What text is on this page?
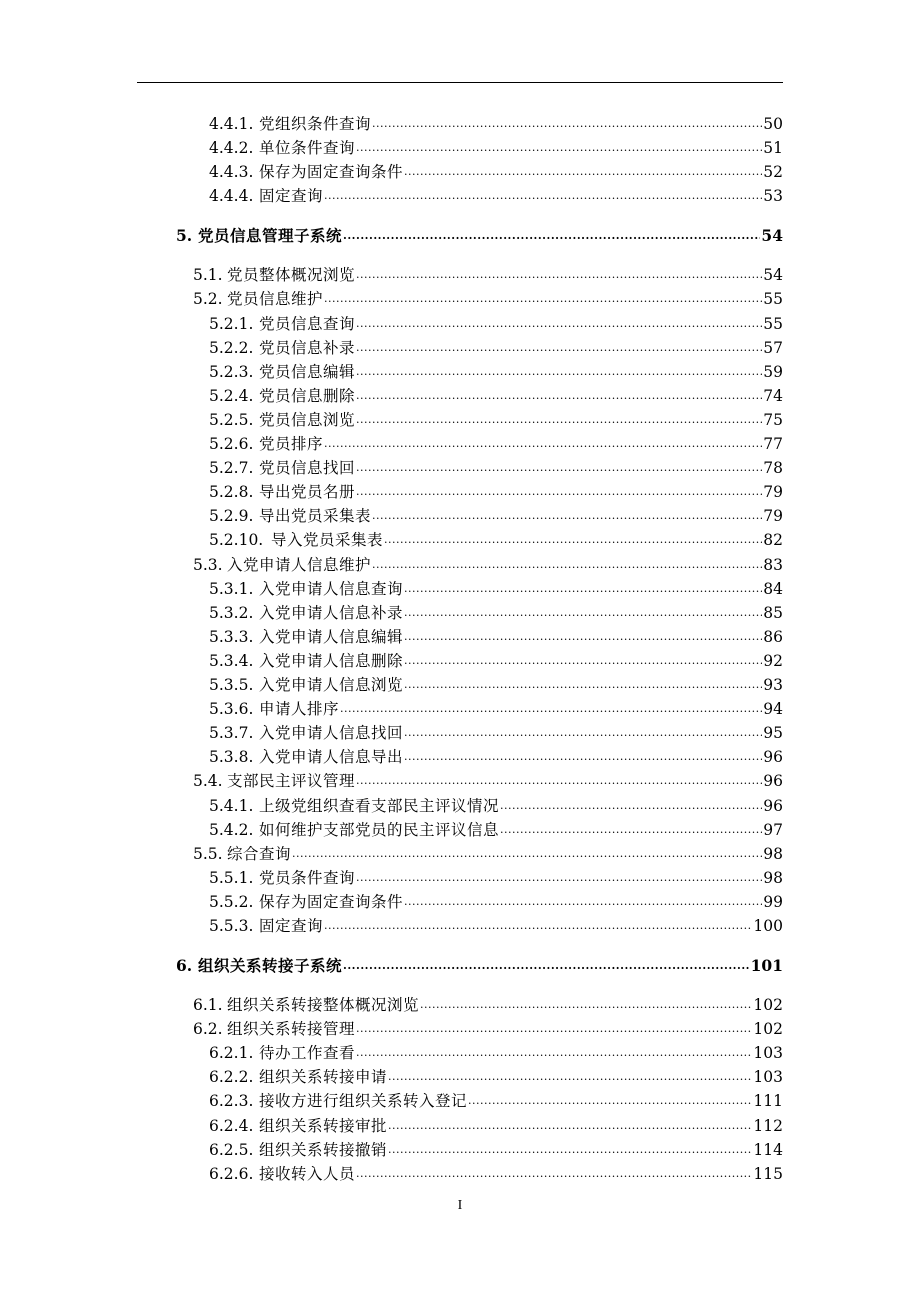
4.4.1. 党组织条件查询 .....	50
4.4.2. 单位条件查询 .....	51
4.4.3. 保存为固定查询条件 .....	52
4.4.4. 固定查询 .....	53
5. 党员信息管理子系统 .....	54
5.1. 党员整体概况浏览 .....	54
5.2. 党员信息维护 .....	55
5.2.1. 党员信息查询 .....	55
5.2.2. 党员信息补录 .....	57
5.2.3. 党员信息编辑 .....	59
5.2.4. 党员信息删除 .....	74
5.2.5. 党员信息浏览 .....	75
5.2.6. 党员排序 .....	77
5.2.7. 党员信息找回 .....	78
5.2.8. 导出党员名册 .....	79
5.2.9. 导出党员采集表 .....	79
5.2.10. 导入党员采集表 .....	82
5.3. 入党申请人信息维护 .....	83
5.3.1. 入党申请人信息查询 .....	84
5.3.2. 入党申请人信息补录 .....	85
5.3.3. 入党申请人信息编辑 .....	86
5.3.4. 入党申请人信息删除 .....	92
5.3.5. 入党申请人信息浏览 .....	93
5.3.6. 申请人排序 .....	94
5.3.7. 入党申请人信息找回 .....	95
5.3.8. 入党申请人信息导出 .....	96
5.4. 支部民主评议管理 .....	96
5.4.1. 上级党组织查看支部民主评议情况 .....	96
5.4.2. 如何维护支部党员的民主评议信息 .....	97
5.5. 综合查询 .....	98
5.5.1. 党员条件查询 .....	98
5.5.2. 保存为固定查询条件 .....	99
5.5.3. 固定查询 .....	100
6. 组织关系转接子系统 .....	101
6.1. 组织关系转接整体概况浏览 .....	102
6.2. 组织关系转接管理 .....	102
6.2.1. 待办工作查看 .....	103
6.2.2. 组织关系转接申请 .....	103
6.2.3. 接收方进行组织关系转入登记 .....	111
6.2.4. 组织关系转接审批 .....	112
6.2.5. 组织关系转接撤销 .....	114
6.2.6. 接收转入人员 .....	115
I
